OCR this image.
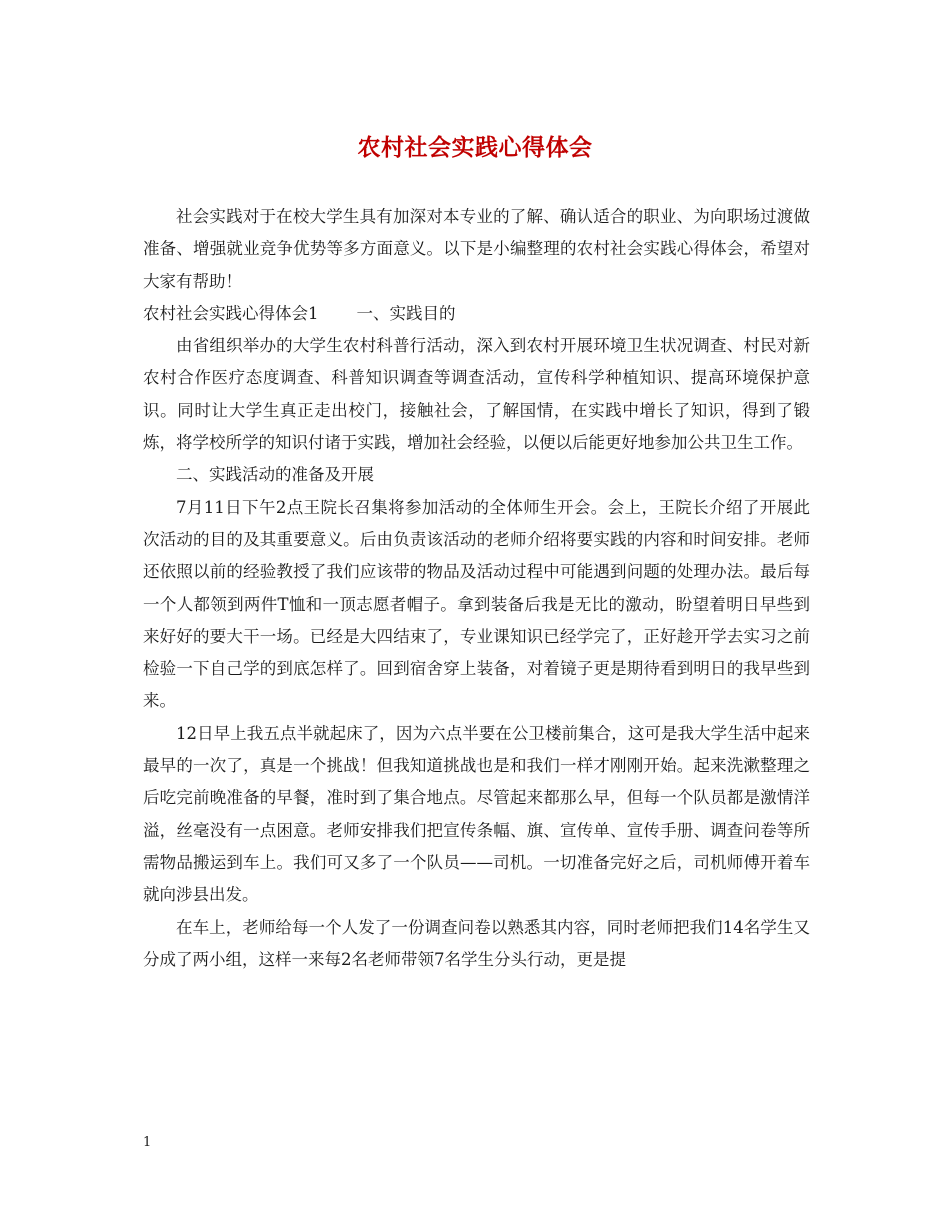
农村社会实践心得体会

社会实践对于在校大学生具有加深对本专业的了解、确认适合的职业、为向职场过渡做准备、增强就业竞争优势等多方面意义。以下是小编整理的农村社会实践心得体会，希望对大家有帮助！

农村社会实践心得体会1 一、实践目的

由省组织举办的大学生农村科普行活动，深入到农村开展环境卫生状况调查、村民对新农村合作医疗态度调查、科普知识调查等调查活动，宣传科学种植知识、提高环境保护意识。同时让大学生真正走出校门，接触社会，了解国情，在实践中增长了知识，得到了锻炼，将学校所学的知识付诸于实践，增加社会经验，以便以后能更好地参加公共卫生工作。

二、实践活动的准备及开展

7月11日下午2点王院长召集将参加活动的全体师生开会。会上，王院长介绍了开展此次活动的目的及其重要意义。后由负责该活动的老师介绍将要实践的内容和时间安排。老师还依照以前的经验教授了我们应该带的物品及活动过程中可能遇到问题的处理办法。最后每一个人都领到两件T恤和一顶志愿者帽子。拿到装备后我是无比的激动，盼望着明日早些到来好好的要大干一场。已经是大四结束了，专业课知识已经学完了，正好趁开学去实习之前检验一下自己学的到底怎样了。回到宿舍穿上装备，对着镜子更是期待看到明日的我早些到来。

12日早上我五点半就起床了，因为六点半要在公卫楼前集合，这可是我大学生活中起来最早的一次了，真是一个挑战！但我知道挑战也是和我们一样才刚刚开始。起来洗漱整理之后吃完前晚准备的早餐，准时到了集合地点。尽管起来都那么早，但每一个队员都是激情洋溢，丝毫没有一点困意。老师安排我们把宣传条幅、旗、宣传单、宣传手册、调查问卷等所需物品搬运到车上。我们可又多了一个队员——司机。一切准备完好之后，司机师傅开着车就向涉县出发。

在车上，老师给每一个人发了一份调查问卷以熟悉其内容，同时老师把我们14名学生又分成了两小组，这样一来每2名老师带领7名学生分头行动，更是提

1
